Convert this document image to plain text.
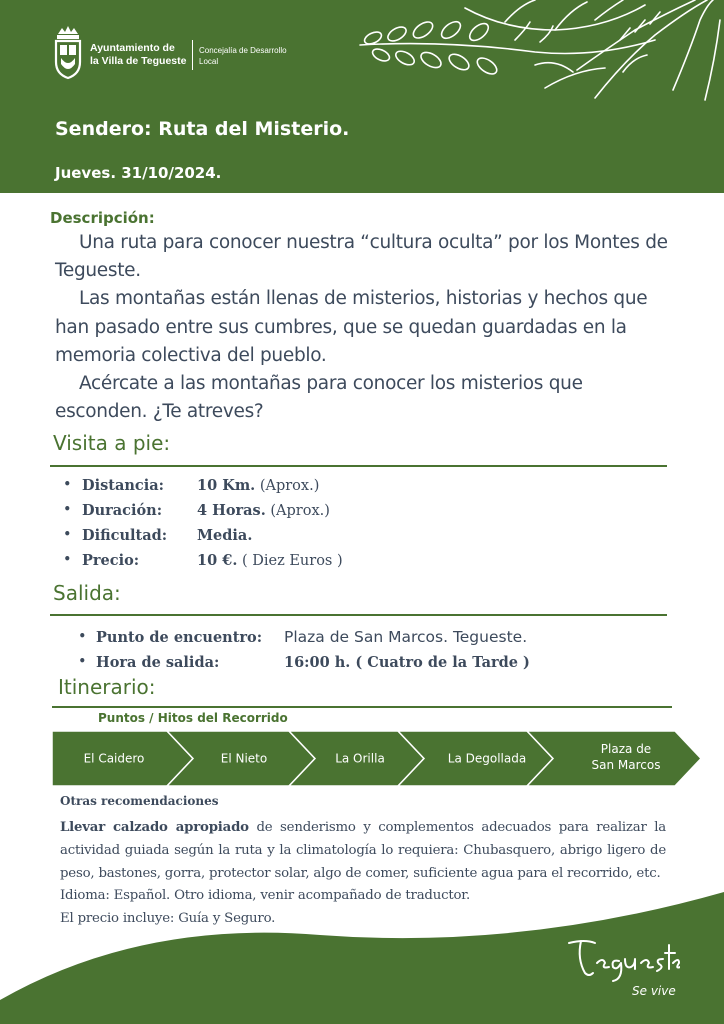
Ayuntamiento de
la Villa de Tegueste
Concejalía de Desarrollo
Local
Sendero: Ruta del Misterio.
Jueves. 31/10/2024.
Descripción:

Una ruta para conocer nuestra “cultura oculta” por los Montes de Tegueste.

Las montañas están llenas de misterios, historias y hechos que han pasado entre sus cumbres, que se quedan guardadas en la memoria colectiva del pueblo.

Acércate a las montañas para conocer los misterios que esconden. ¿Te atreves?

Visita a pie:
• Distancia: 10 Km. (Aprox.)
• Duración: 4 Horas. (Aprox.)
• Dificultad: Media.
• Precio:	10 €. ( Diez Euros )
Salida:
• Punto de encuentro: Plaza de San Marcos. Tegueste.
• Hora de salida:	16:00 h. ( Cuatro de la Tarde )
Itinerario:
Puntos / Hitos del Recorrido
El Caidero	El Nieto	La Orilla	La Degollada
Plaza de San Marcos
Otras recomendaciones
Llevar calzado apropiado de senderismo y complementos adecuados para realizar la actividad guiada según la ruta y la climatología lo requiera: Chubasquero, abrigo ligero de peso, bastones, gorra, protector solar, algo de comer, suficiente agua para el recorrido, etc.
Idioma: Español. Otro idioma, venir acompañado de traductor.
El precio incluye: Guía y Seguro.
Se vive
